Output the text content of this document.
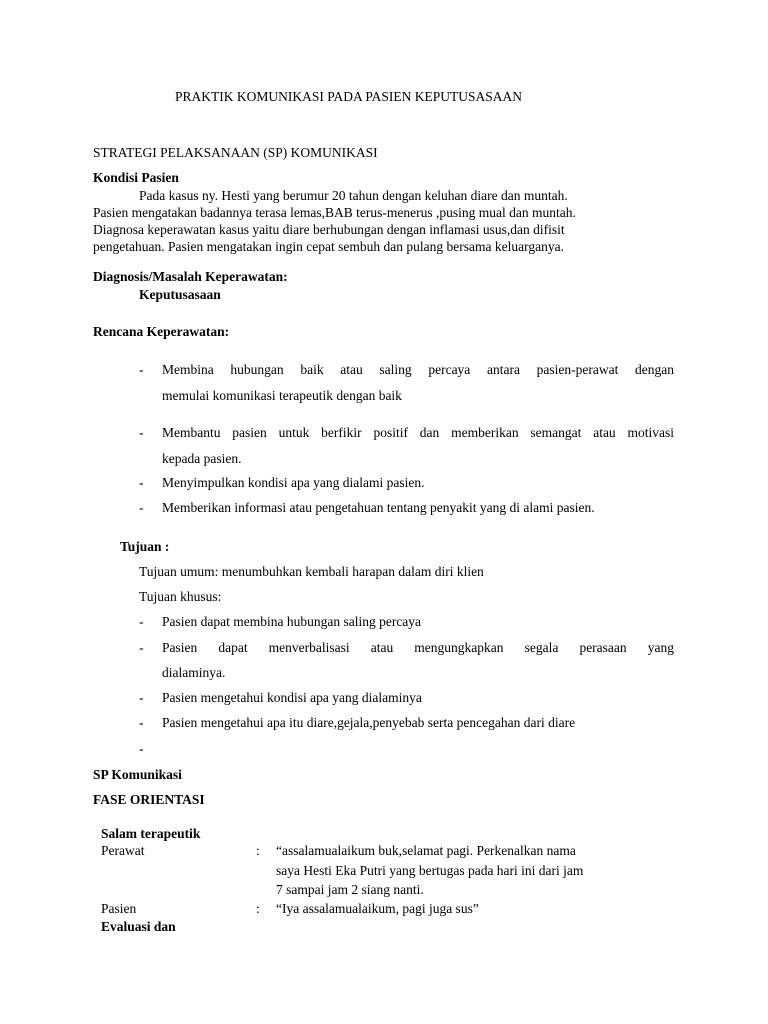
PRAKTIK KOMUNIKASI PADA PASIEN KEPUTUSASAAN
STRATEGI PELAKSANAAN (SP) KOMUNIKASI
Kondisi Pasien
Pada kasus ny. Hesti yang berumur 20 tahun dengan keluhan diare dan muntah.
Pasien mengatakan badannya terasa lemas,BAB terus-menerus ,pusing mual dan muntah.
Diagnosa keperawatan kasus yaitu diare berhubungan dengan inflamasi usus,dan difisit
pengetahuan. Pasien mengatakan ingin cepat sembuh dan pulang bersama keluarganya.
Diagnosis/Masalah Keperawatan:
Keputusasaan
Rencana Keperawatan:
- Membina hubungan baik atau saling percaya antara pasien-perawat dengan
memulai komunikasi terapeutik dengan baik
- Membantu pasien untuk berfikir positif dan memberikan semangat atau motivasi
kepada pasien.
- Menyimpulkan kondisi apa yang dialami pasien.
- Memberikan informasi atau pengetahuan tentang penyakit yang di alami pasien.
Tujuan :
Tujuan umum: menumbuhkan kembali harapan dalam diri klien
Tujuan khusus:
- Pasien dapat membina hubungan saling percaya
- Pasien dapat menverbalisasi atau mengungkapkan segala perasaan yang
dialaminya.
- Pasien mengetahui kondisi apa yang dialaminya
- Pasien mengetahui apa itu diare,gejala,penyebab serta pencegahan dari diare
-
SP Komunikasi
FASE ORIENTASI
Salam terapeutik
Perawat	: “assalamualaikum buk,selamat pagi. Perkenalkan nama
saya Hesti Eka Putri yang bertugas pada hari ini dari jam
7 sampai jam 2 siang nanti.
Pasien	: “Iya assalamualaikum, pagi juga sus”
Evaluasi dan
